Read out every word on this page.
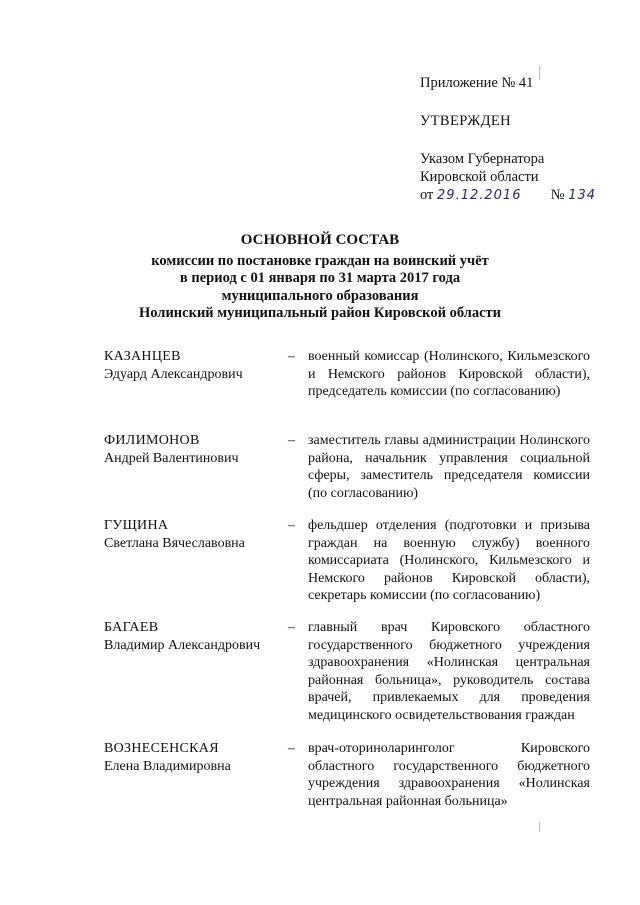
Приложение № 41

УТВЕРЖДЕН

Указом Губернатора

Кировской области

от 29.12.2016 № 134

ОСНОВНОЙ СОСТАВ
комиссии по постановке граждан на воинский учёт
в период с 01 января по 31 марта 2017 года
муниципального образования
Нолинский муниципальный район Кировской области
КАЗАНЦЕВ
Эдуард Александрович
– военный комиссар (Нолинского, Кильмезского и Немского районов Кировской области), председатель комиссии (по согласованию)
ФИЛИМОНОВ
Андрей Валентинович
– заместитель главы администрации Нолинского района, начальник управления социальной сферы, заместитель председателя комиссии (по согласованию)
ГУЩИНА
Светлана Вячеславовна
– фельдшер отделения (подготовки и призыва граждан на военную службу) военного комиссариата (Нолинского, Кильмезского и Немского районов Кировской области), секретарь комиссии (по согласованию)
БАГАЕВ
Владимир Александрович
– главный врач Кировского областного государственного бюджетного учреждения здравоохранения «Нолинская центральная районная больница», руководитель состава врачей, привлекаемых для проведения медицинского освидетельствования граждан
ВОЗНЕСЕНСКАЯ
Елена Владимировна
– врач-оториноларинголог Кировского областного государственного бюджетного учреждения здравоохранения «Нолинская центральная районная больница»
